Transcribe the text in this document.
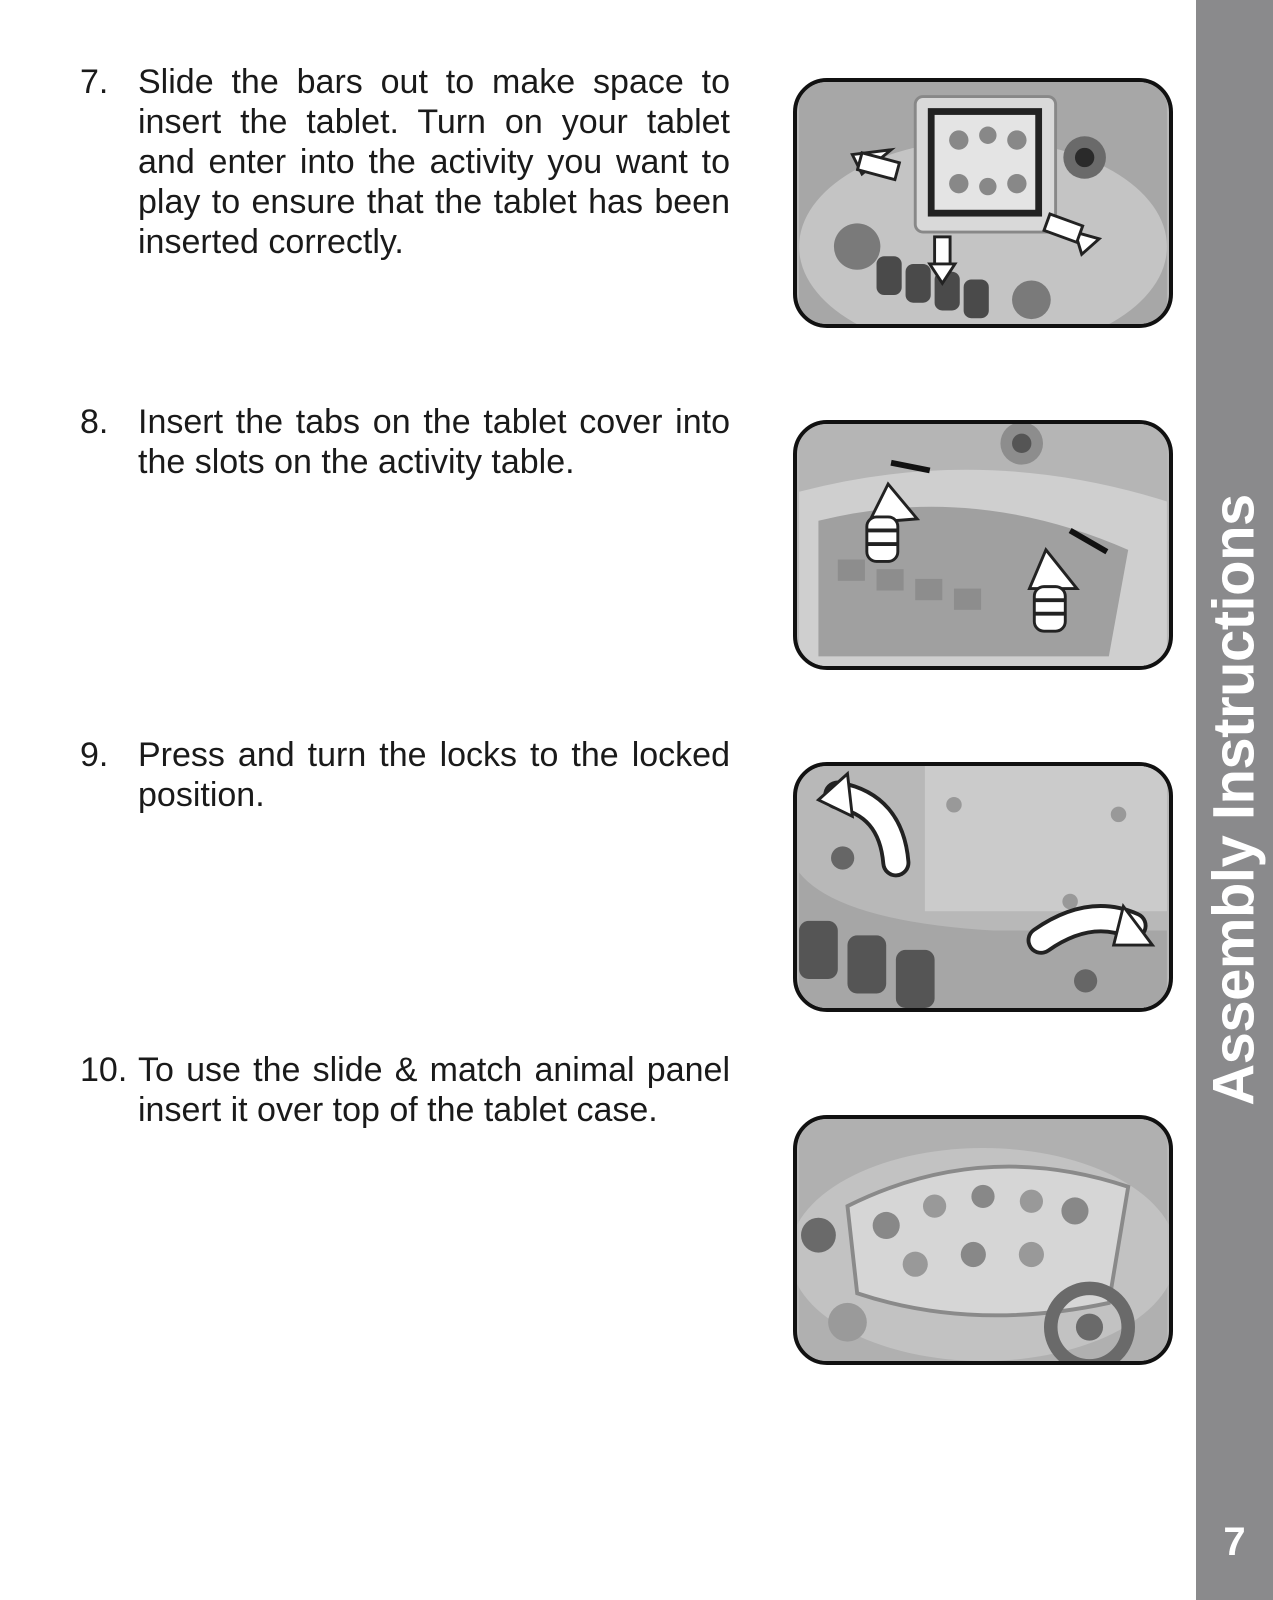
Assembly Instructions
7
7. Slide the bars out to make space to insert the tablet. Turn on your tablet and enter into the activity you want to play to ensure that the tablet has been inserted correctly.
8. Insert the tabs on the tablet cover into the slots on the activity table.
9. Press and turn the locks to the locked position.
10. To use the slide & match animal panel insert it over top of the tablet case.
